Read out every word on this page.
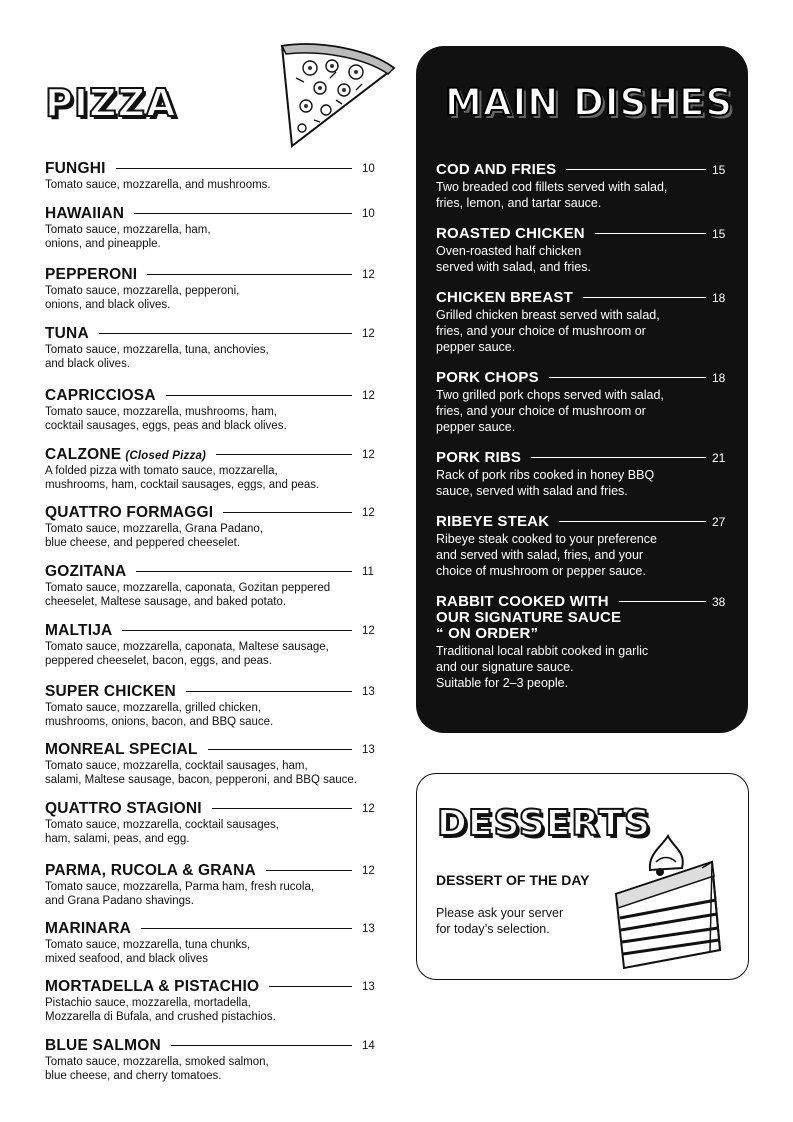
PIZZA
FUNGHI	10
Tomato sauce, mozzarella, and mushrooms.
HAWAIIAN	10
Tomato sauce, mozzarella, ham,
onions, and pineapple.
PEPPERONI	12
Tomato sauce, mozzarella, pepperoni,
onions, and black olives.
TUNA	12
Tomato sauce, mozzarella, tuna, anchovies,
and black olives.
CAPRICCIOSA	12
Tomato sauce, mozzarella, mushrooms, ham,
cocktail sausages, eggs, peas and black olives.
CALZONE (Closed Pizza)	12
A folded pizza with tomato sauce, mozzarella,
mushrooms, ham, cocktail sausages, eggs, and peas.
QUATTRO FORMAGGI	12
Tomato sauce, mozzarella, Grana Padano,
blue cheese, and peppered cheeselet.
GOZITANA	11
Tomato sauce, mozzarella, caponata, Gozitan peppered
cheeselet, Maltese sausage, and baked potato.
MALTIJA	12
Tomato sauce, mozzarella, caponata, Maltese sausage,
peppered cheeselet, bacon, eggs, and peas.
SUPER CHICKEN	13
Tomato sauce, mozzarella, grilled chicken,
mushrooms, onions, bacon, and BBQ sauce.
MONREAL SPECIAL	13
Tomato sauce, mozzarella, cocktail sausages, ham,
salami, Maltese sausage, bacon, pepperoni, and BBQ sauce.
QUATTRO STAGIONI	12
Tomato sauce, mozzarella, cocktail sausages,
ham, salami, peas, and egg.
PARMA, RUCOLA & GRANA	12
Tomato sauce, mozzarella, Parma ham, fresh rucola,
and Grana Padano shavings.
MARINARA	13
Tomato sauce, mozzarella, tuna chunks,
mixed seafood, and black olives
MORTADELLA & PISTACHIO	13
Pistachio sauce, mozzarella, mortadella,
Mozzarella di Bufala, and crushed pistachios.
BLUE SALMON	14
Tomato sauce, mozzarella, smoked salmon,
blue cheese, and cherry tomatoes.
MAIN DISHES
COD AND FRIES	15
Two breaded cod fillets served with salad,
fries, lemon, and tartar sauce.
ROASTED CHICKEN	15
Oven-roasted half chicken
served with salad, and fries.
CHICKEN BREAST	18
Grilled chicken breast served with salad,
fries, and your choice of mushroom or
pepper sauce.
PORK CHOPS	18
Two grilled pork chops served with salad,
fries, and your choice of mushroom or
pepper sauce.
PORK RIBS	21
Rack of pork ribs cooked in honey BBQ
sauce, served with salad and fries.
RIBEYE STEAK	27
Ribeye steak cooked to your preference
and served with salad, fries, and your
choice of mushroom or pepper sauce.
RABBIT COOKED WITH	38
OUR SIGNATURE SAUCE
“ ON ORDER”
Traditional local rabbit cooked in garlic
and our signature sauce.
Suitable for 2–3 people.
DESSERTS
DESSERT OF THE DAY
Please ask your server
for today’s selection.
